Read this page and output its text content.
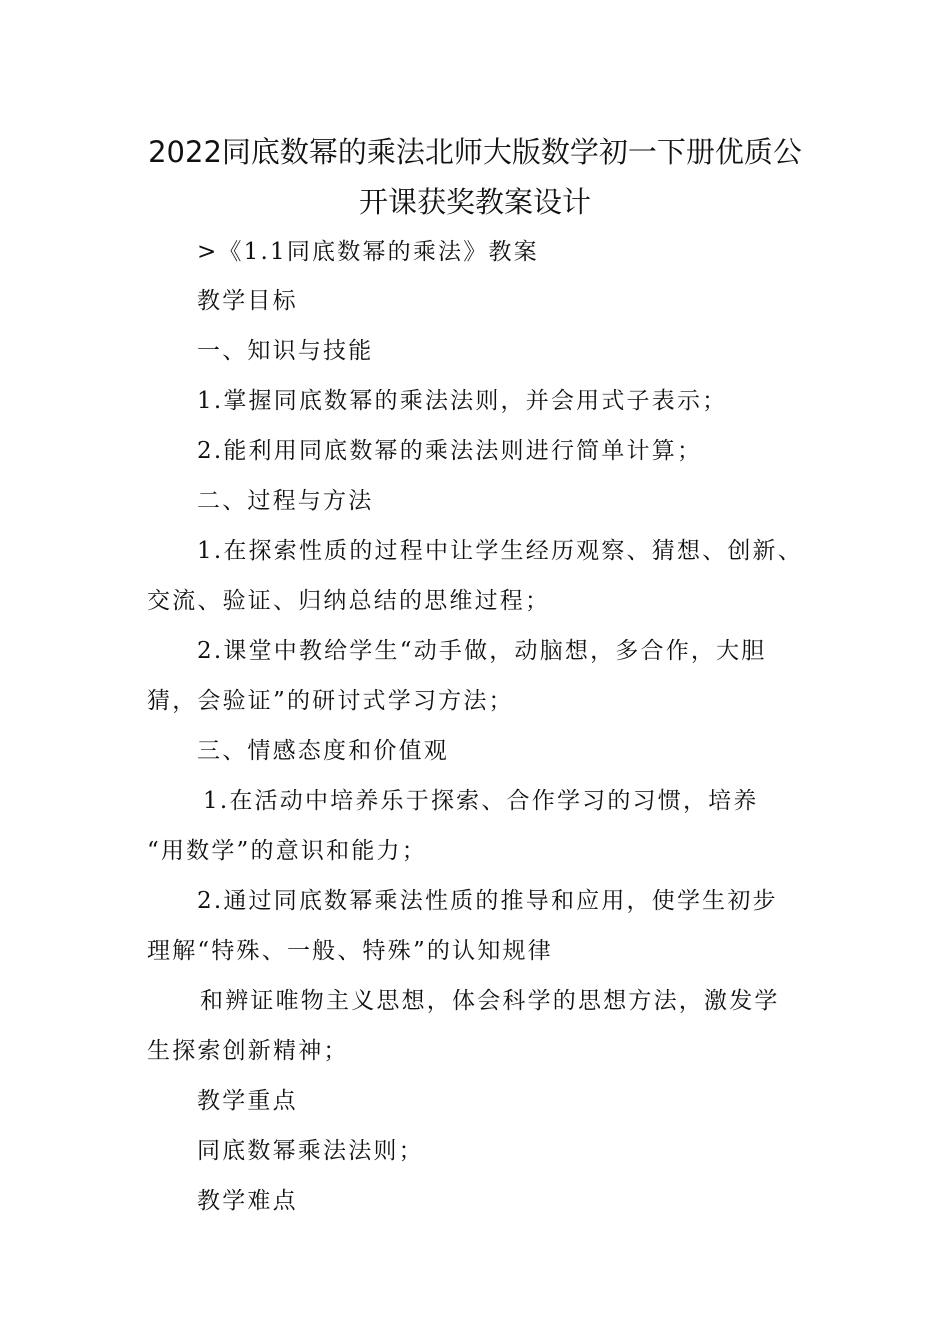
2022同底数幂的乘法北师大版数学初一下册优质公
开课获奖教案设计
>《1.1同底数幂的乘法》教案
教学目标
一、知识与技能
1.掌握同底数幂的乘法法则，并会用式子表示；
2.能利用同底数幂的乘法法则进行简单计算；
二、过程与方法
1.在探索性质的过程中让学生经历观察、猜想、创新、
交流、验证、归纳总结的思维过程；
2.课堂中教给学生“动手做，动脑想，多合作，大胆
猜，会验证”的研讨式学习方法；
三、情感态度和价值观
1.在活动中培养乐于探索、合作学习的习惯，培养
“用数学”的意识和能力；
2.通过同底数幂乘法性质的推导和应用，使学生初步
理解“特殊、一般、特殊”的认知规律
和辨证唯物主义思想，体会科学的思想方法，激发学
生探索创新精神；
教学重点
同底数幂乘法法则；
教学难点
